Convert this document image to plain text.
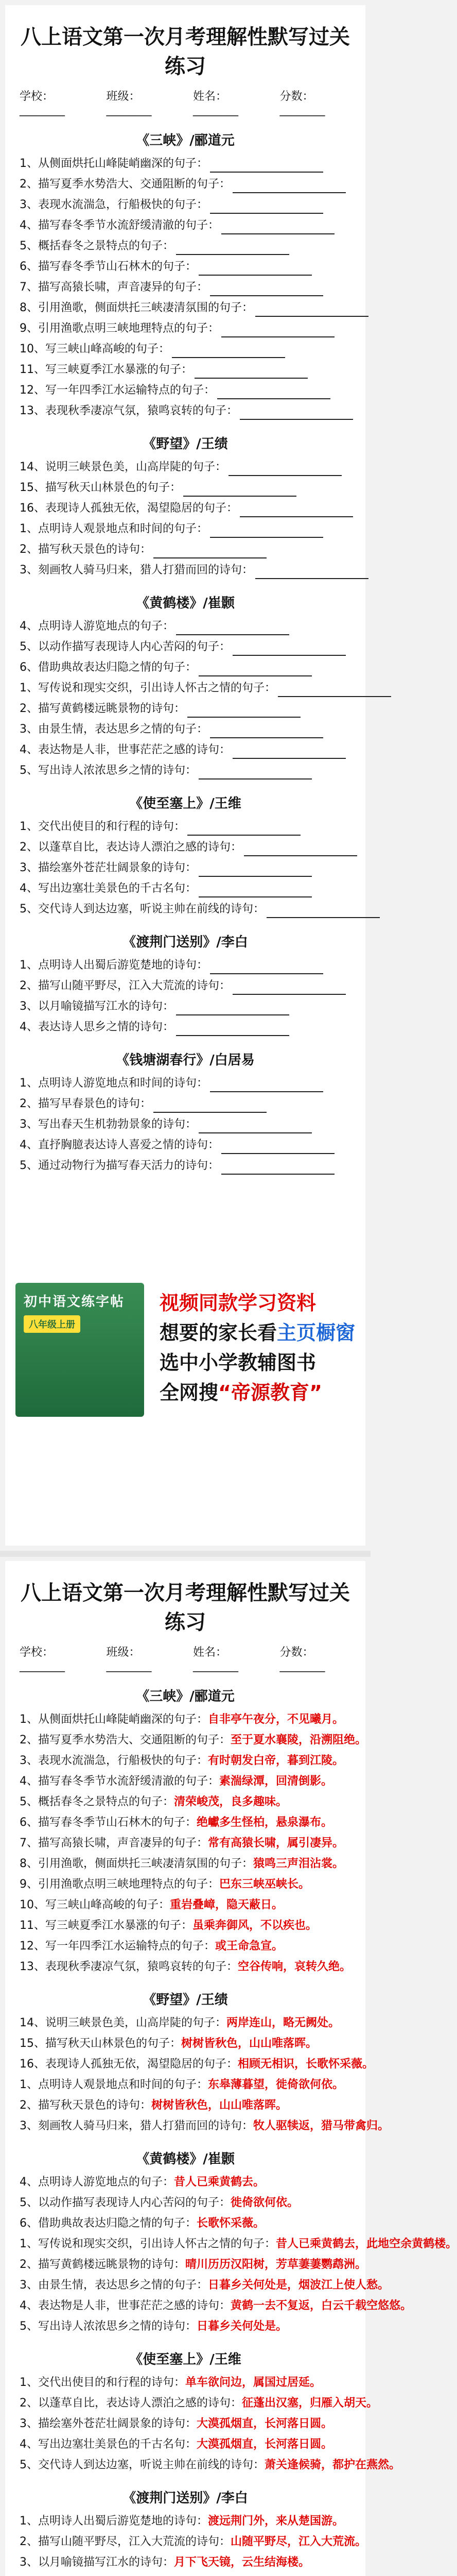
八上语文第一次月考理解性默写过关练习
学校： ________	班级： ________	姓名： ________	分数： ________
《三峡》/郦道元
1、从侧面烘托山峰陡峭幽深的句子：
2、描写夏季水势浩大、交通阻断的句子：
3、表现水流湍急，行船极快的句子：
4、描写春冬季节水流舒缓清澈的句子：
5、概括春冬之景特点的句子：
6、描写春冬季节山石林木的句子：
7、描写高猿长啸，声音凄异的句子：
8、引用渔歌，侧面烘托三峡凄清氛围的句子：
9、引用渔歌点明三峡地理特点的句子：
10、写三峡山峰高峻的句子：
11、写三峡夏季江水暴涨的句子：
12、写一年四季江水运输特点的句子：
13、表现秋季凄凉气氛，猿鸣哀转的句子：
《野望》/王绩
14、说明三峡景色美，山高岸陡的句子：
15、描写秋天山林景色的句子：
16、表现诗人孤独无依，渴望隐居的句子：
1、点明诗人观景地点和时间的句子：
2、描写秋天景色的诗句：
3、刻画牧人骑马归来，猎人打猎而回的诗句：
《黄鹤楼》/崔颢
4、点明诗人游览地点的句子：
5、以动作描写表现诗人内心苦闷的句子：
6、借助典故表达归隐之情的句子：
1、写传说和现实交织，引出诗人怀古之情的句子：
2、描写黄鹤楼远眺景物的诗句：
3、由景生情，表达思乡之情的句子：
4、表达物是人非，世事茫茫之感的诗句：
5、写出诗人浓浓思乡之情的诗句：
《使至塞上》/王维
1、交代出使目的和行程的诗句：
2、以蓬草自比，表达诗人漂泊之感的诗句：
3、描绘塞外苍茫壮阔景象的诗句：
4、写出边塞壮美景色的千古名句：
5、交代诗人到达边塞，听说主帅在前线的诗句：
《渡荆门送别》/李白
1、点明诗人出蜀后游览楚地的诗句：
2、描写山随平野尽，江入大荒流的诗句：
3、以月喻镜描写江水的诗句：
4、表达诗人思乡之情的诗句：
《钱塘湖春行》/白居易
1、点明诗人游览地点和时间的诗句：
2、描写早春景色的诗句：
3、写出春天生机勃勃景象的诗句：
4、直抒胸臆表达诗人喜爱之情的诗句：
5、通过动物行为描写春天活力的诗句：
初中语文练字帖
八年级上册
视频同款学习资料
想要的家长看主页橱窗
选中小学教辅图书
全网搜“帝源教育”
八上语文第一次月考理解性默写过关练习
学校： ________	班级： ________	姓名： ________	分数： ________
《三峡》/郦道元
1、从侧面烘托山峰陡峭幽深的句子：自非亭午夜分，不见曦月。
2、描写夏季水势浩大、交通阻断的句子：至于夏水襄陵，沿溯阻绝。
3、表现水流湍急，行船极快的句子：有时朝发白帝，暮到江陵。
4、描写春冬季节水流舒缓清澈的句子：素湍绿潭，回清倒影。
5、概括春冬之景特点的句子：清荣峻茂，良多趣味。
6、描写春冬季节山石林木的句子：绝巘多生怪柏，悬泉瀑布。
7、描写高猿长啸，声音凄异的句子：常有高猿长啸，属引凄异。
8、引用渔歌，侧面烘托三峡凄清氛围的句子：猿鸣三声泪沾裳。
9、引用渔歌点明三峡地理特点的句子：巴东三峡巫峡长。
10、写三峡山峰高峻的句子：重岩叠嶂，隐天蔽日。
11、写三峡夏季江水暴涨的句子：虽乘奔御风，不以疾也。
12、写一年四季江水运输特点的句子：或王命急宣。
13、表现秋季凄凉气氛，猿鸣哀转的句子：空谷传响，哀转久绝。
《野望》/王绩
14、说明三峡景色美，山高岸陡的句子：两岸连山，略无阙处。
15、描写秋天山林景色的句子：树树皆秋色，山山唯落晖。
16、表现诗人孤独无依，渴望隐居的句子：相顾无相识，长歌怀采薇。
1、点明诗人观景地点和时间的句子：东皋薄暮望，徙倚欲何依。
2、描写秋天景色的诗句：树树皆秋色，山山唯落晖。
3、刻画牧人骑马归来，猎人打猎而回的诗句：牧人驱犊返，猎马带禽归。
《黄鹤楼》/崔颢
4、点明诗人游览地点的句子：昔人已乘黄鹤去。
5、以动作描写表现诗人内心苦闷的句子：徙倚欲何依。
6、借助典故表达归隐之情的句子：长歌怀采薇。
1、写传说和现实交织，引出诗人怀古之情的句子：昔人已乘黄鹤去，此地空余黄鹤楼。
2、描写黄鹤楼远眺景物的诗句：晴川历历汉阳树，芳草萋萋鹦鹉洲。
3、由景生情，表达思乡之情的句子：日暮乡关何处是，烟波江上使人愁。
4、表达物是人非，世事茫茫之感的诗句：黄鹤一去不复返，白云千载空悠悠。
5、写出诗人浓浓思乡之情的诗句：日暮乡关何处是。
《使至塞上》/王维
1、交代出使目的和行程的诗句：单车欲问边，属国过居延。
2、以蓬草自比，表达诗人漂泊之感的诗句：征蓬出汉塞，归雁入胡天。
3、描绘塞外苍茫壮阔景象的诗句：大漠孤烟直，长河落日圆。
4、写出边塞壮美景色的千古名句：大漠孤烟直，长河落日圆。
5、交代诗人到达边塞，听说主帅在前线的诗句：萧关逢候骑，都护在燕然。
《渡荆门送别》/李白
1、点明诗人出蜀后游览楚地的诗句：渡远荆门外，来从楚国游。
2、描写山随平野尽，江入大荒流的诗句：山随平野尽，江入大荒流。
3、以月喻镜描写江水的诗句：月下飞天镜，云生结海楼。
